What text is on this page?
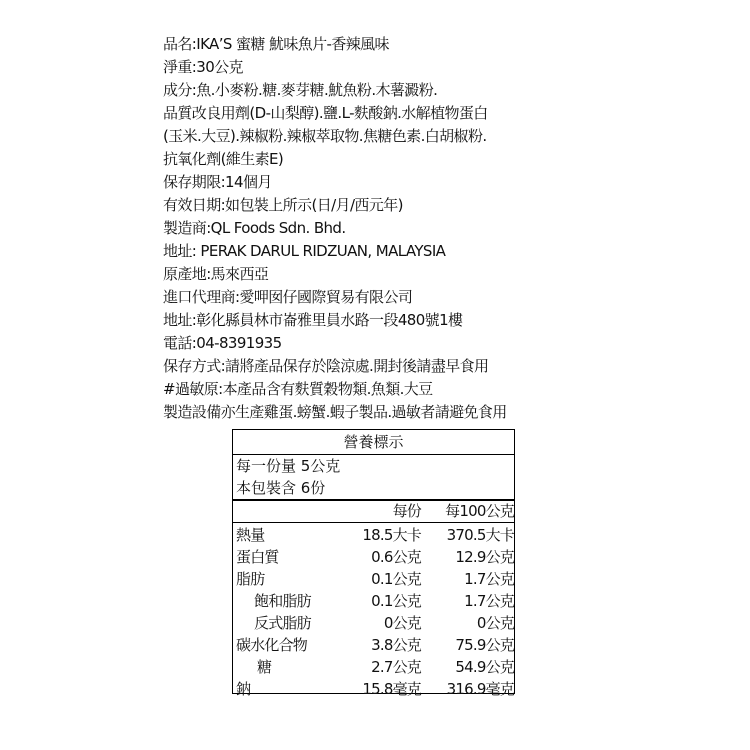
品名:IKA’S 蜜糖 魷味魚片-香辣風味
淨重:30公克
成分:魚.小麥粉.糖.麥芽糖.魷魚粉.木薯澱粉.
品質改良用劑(D-山梨醇).鹽.L-麩酸鈉.水解植物蛋白
(玉米.大豆).辣椒粉.辣椒萃取物.焦糖色素.白胡椒粉.
抗氧化劑(維生素E)
保存期限:14個月
有效日期:如包裝上所示(日/月/西元年)
製造商:QL Foods Sdn. Bhd.
地址: PERAK DARUL RIDZUAN, MALAYSIA
原產地:馬來西亞
進口代理商:愛呷囡仔國際貿易有限公司
地址:彰化縣員林市崙雅里員水路一段480號1樓
電話:04-8391935
保存方式:請將產品保存於陰涼處.開封後請盡早食用
#過敏原:本產品含有麩質穀物類.魚類.大豆
製造設備亦生產雞蛋.螃蟹.蝦子製品.過敏者請避免食用
營養標示
每一份量 5公克
本包裝含 6份
每份	每100公克
熱量	18.5大卡	370.5大卡
蛋白質	0.6公克	12.9公克
脂肪	0.1公克	1.7公克
飽和脂肪	0.1公克	1.7公克
反式脂肪	0公克	0公克
碳水化合物	3.8公克	75.9公克
糖	2.7公克	54.9公克
鈉	15.8毫克	316.9毫克
